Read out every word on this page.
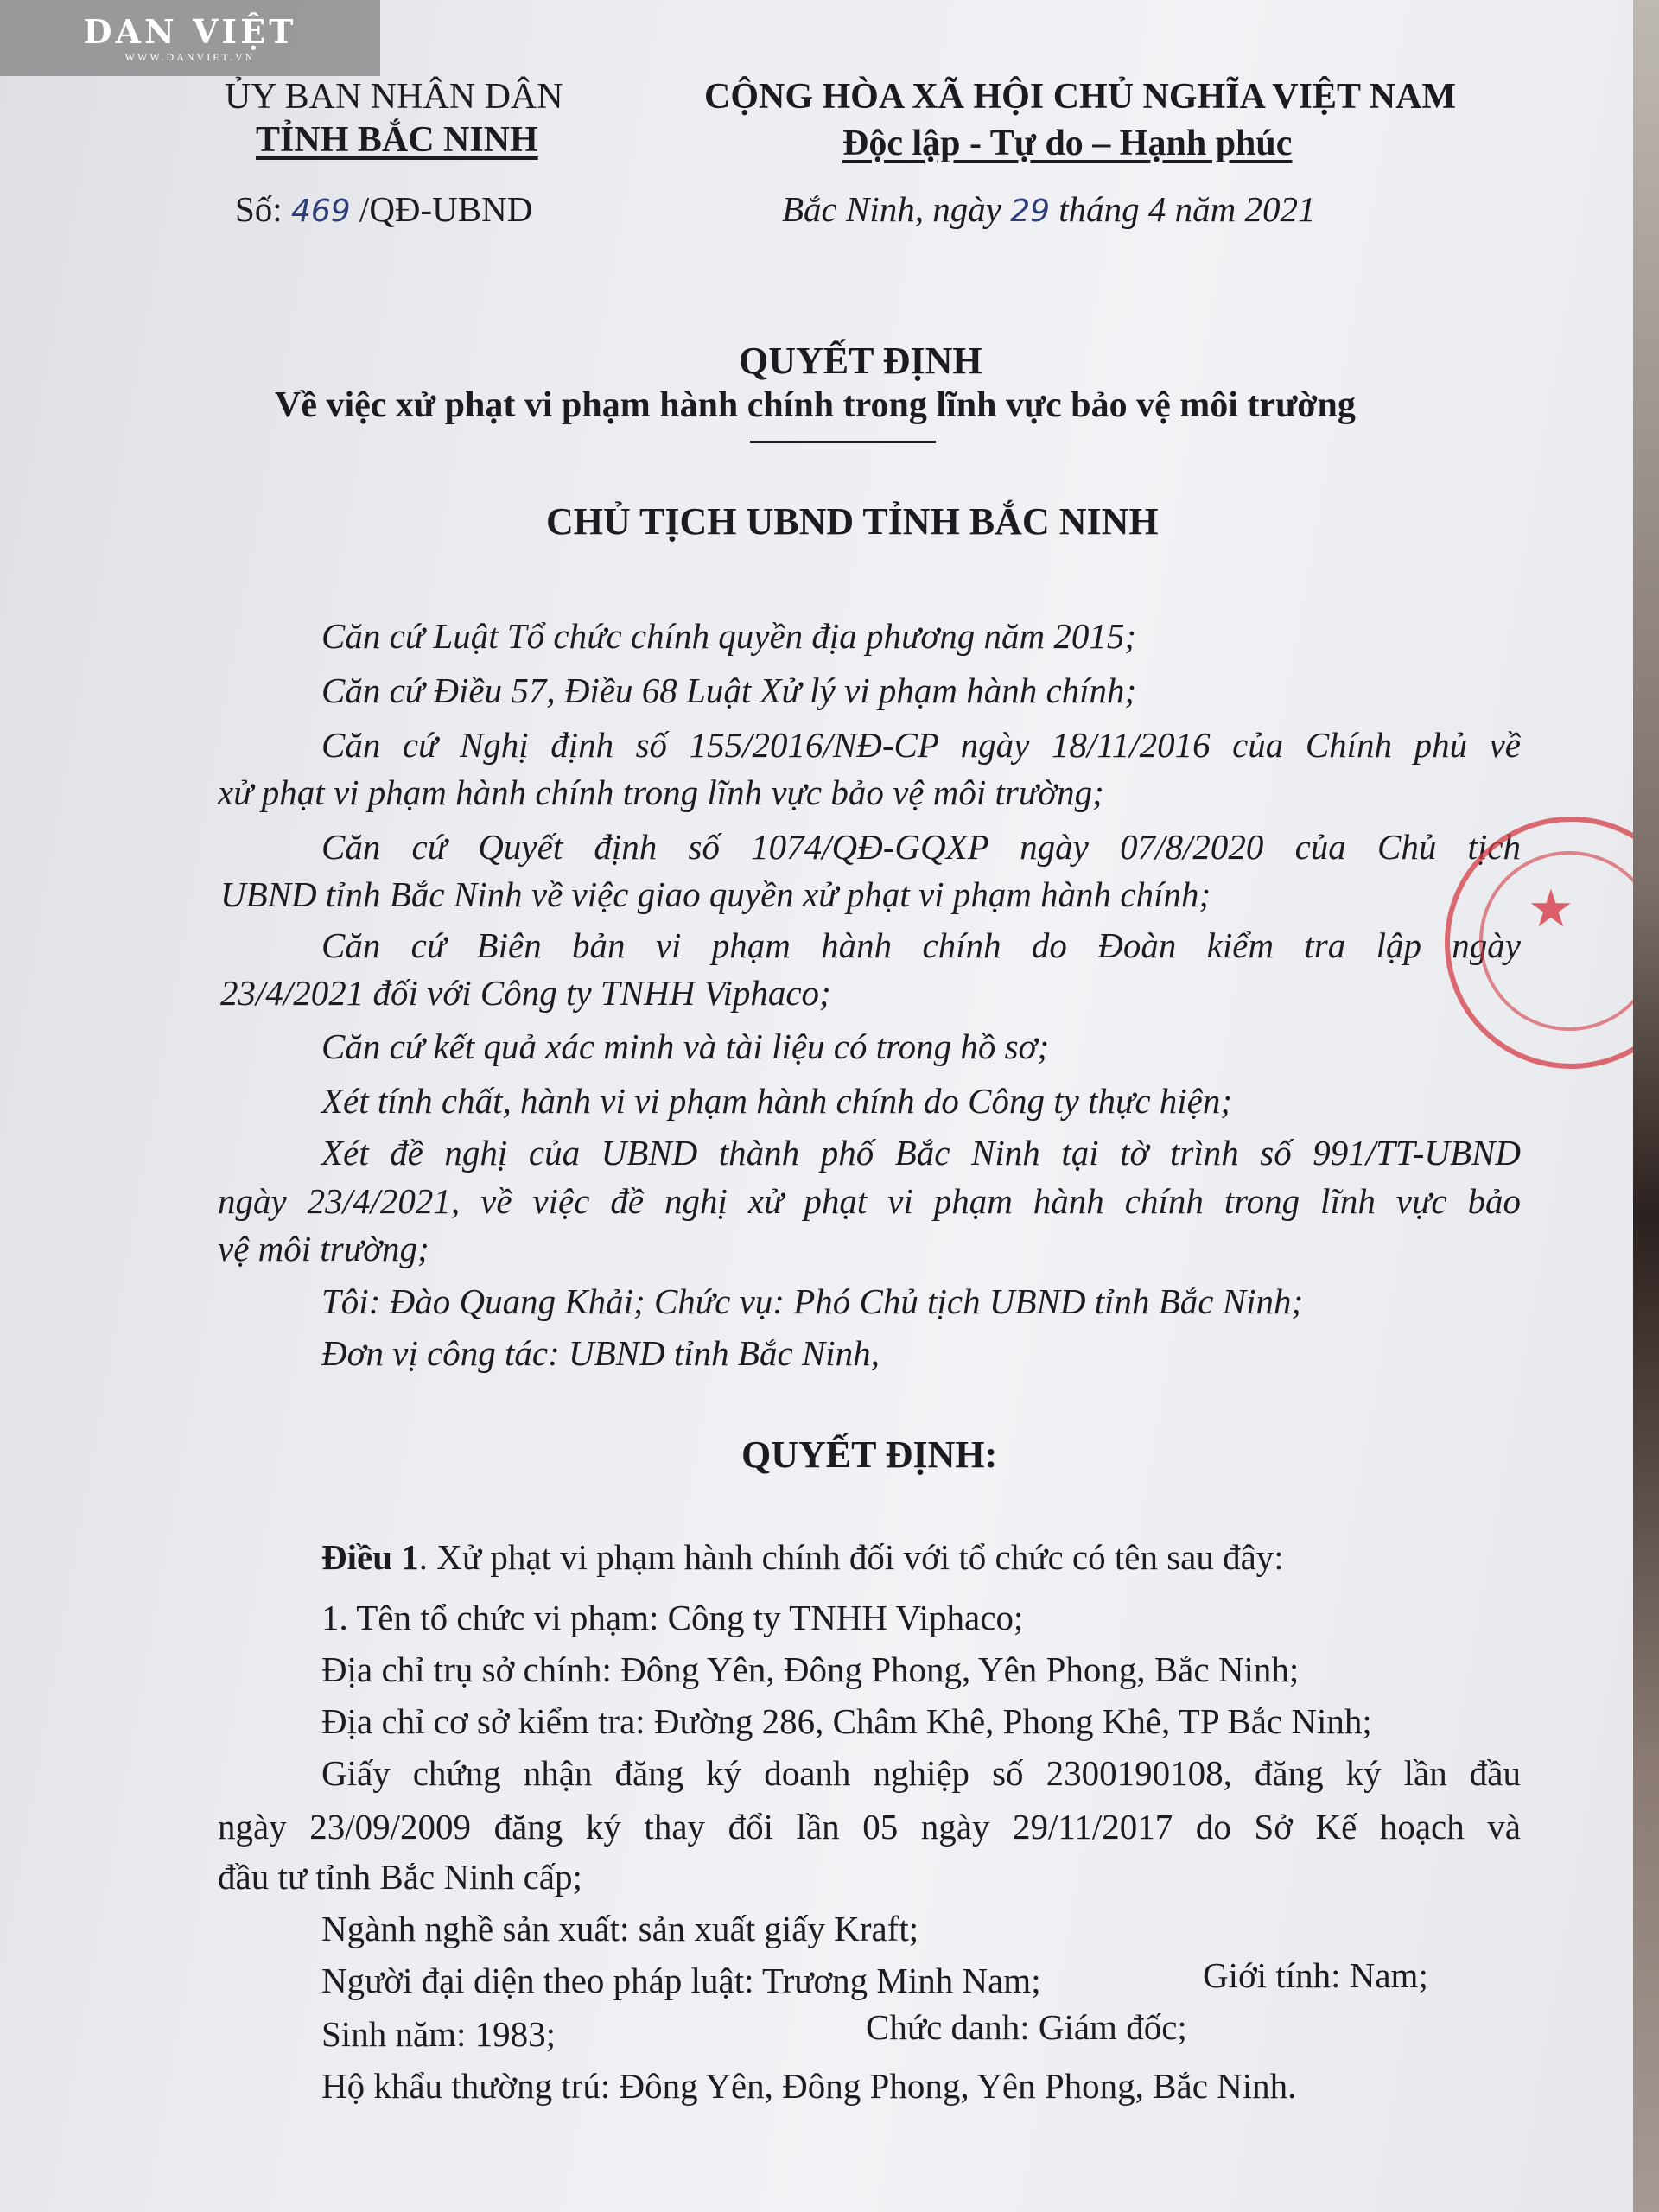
DAN VIỆT
WWW.DANVIET.VN
ỦY BAN NHÂN DÂN
TỈNH BẮC NINH
CỘNG HÒA XÃ HỘI CHỦ NGHĨA VIỆT NAM
Độc lập - Tự do – Hạnh phúc
Số: 469 /QĐ-UBND	Bắc Ninh, ngày 29 tháng 4 năm 2021
QUYẾT ĐỊNH
Về việc xử phạt vi phạm hành chính trong lĩnh vực bảo vệ môi trường
CHỦ TỊCH UBND TỈNH BẮC NINH
Căn cứ Luật Tổ chức chính quyền địa phương năm 2015;
Căn cứ Điều 57, Điều 68 Luật Xử lý vi phạm hành chính;
Căn cứ Nghị định số 155/2016/NĐ-CP ngày 18/11/2016 của Chính phủ về
xử phạt vi phạm hành chính trong lĩnh vực bảo vệ môi trường;
Căn cứ Quyết định số 1074/QĐ-GQXP ngày 07/8/2020 của Chủ tịch
UBND tỉnh Bắc Ninh về việc giao quyền xử phạt vi phạm hành chính;
Căn cứ Biên bản vi phạm hành chính do Đoàn kiểm tra lập ngày
23/4/2021 đối với Công ty TNHH Viphaco;
Căn cứ kết quả xác minh và tài liệu có trong hồ sơ;
Xét tính chất, hành vi vi phạm hành chính do Công ty thực hiện;
Xét đề nghị của UBND thành phố Bắc Ninh tại tờ trình số 991/TT-UBND
ngày 23/4/2021, về việc đề nghị xử phạt vi phạm hành chính trong lĩnh vực bảo
vệ môi trường;
Tôi: Đào Quang Khải; Chức vụ: Phó Chủ tịch UBND tỉnh Bắc Ninh;
Đơn vị công tác: UBND tỉnh Bắc Ninh,
QUYẾT ĐỊNH:
Điều 1. Xử phạt vi phạm hành chính đối với tổ chức có tên sau đây:
1. Tên tổ chức vi phạm: Công ty TNHH Viphaco;
Địa chỉ trụ sở chính: Đông Yên, Đông Phong, Yên Phong, Bắc Ninh;
Địa chỉ cơ sở kiểm tra: Đường 286, Châm Khê, Phong Khê, TP Bắc Ninh;
Giấy chứng nhận đăng ký doanh nghiệp số 2300190108, đăng ký lần đầu
ngày 23/09/2009 đăng ký thay đổi lần 05 ngày 29/11/2017 do Sở Kế hoạch và
đầu tư tỉnh Bắc Ninh cấp;
Ngành nghề sản xuất: sản xuất giấy Kraft;
Người đại diện theo pháp luật: Trương Minh Nam;	Giới tính: Nam;
Sinh năm: 1983;	Chức danh: Giám đốc;
Hộ khẩu thường trú: Đông Yên, Đông Phong, Yên Phong, Bắc Ninh.
★
